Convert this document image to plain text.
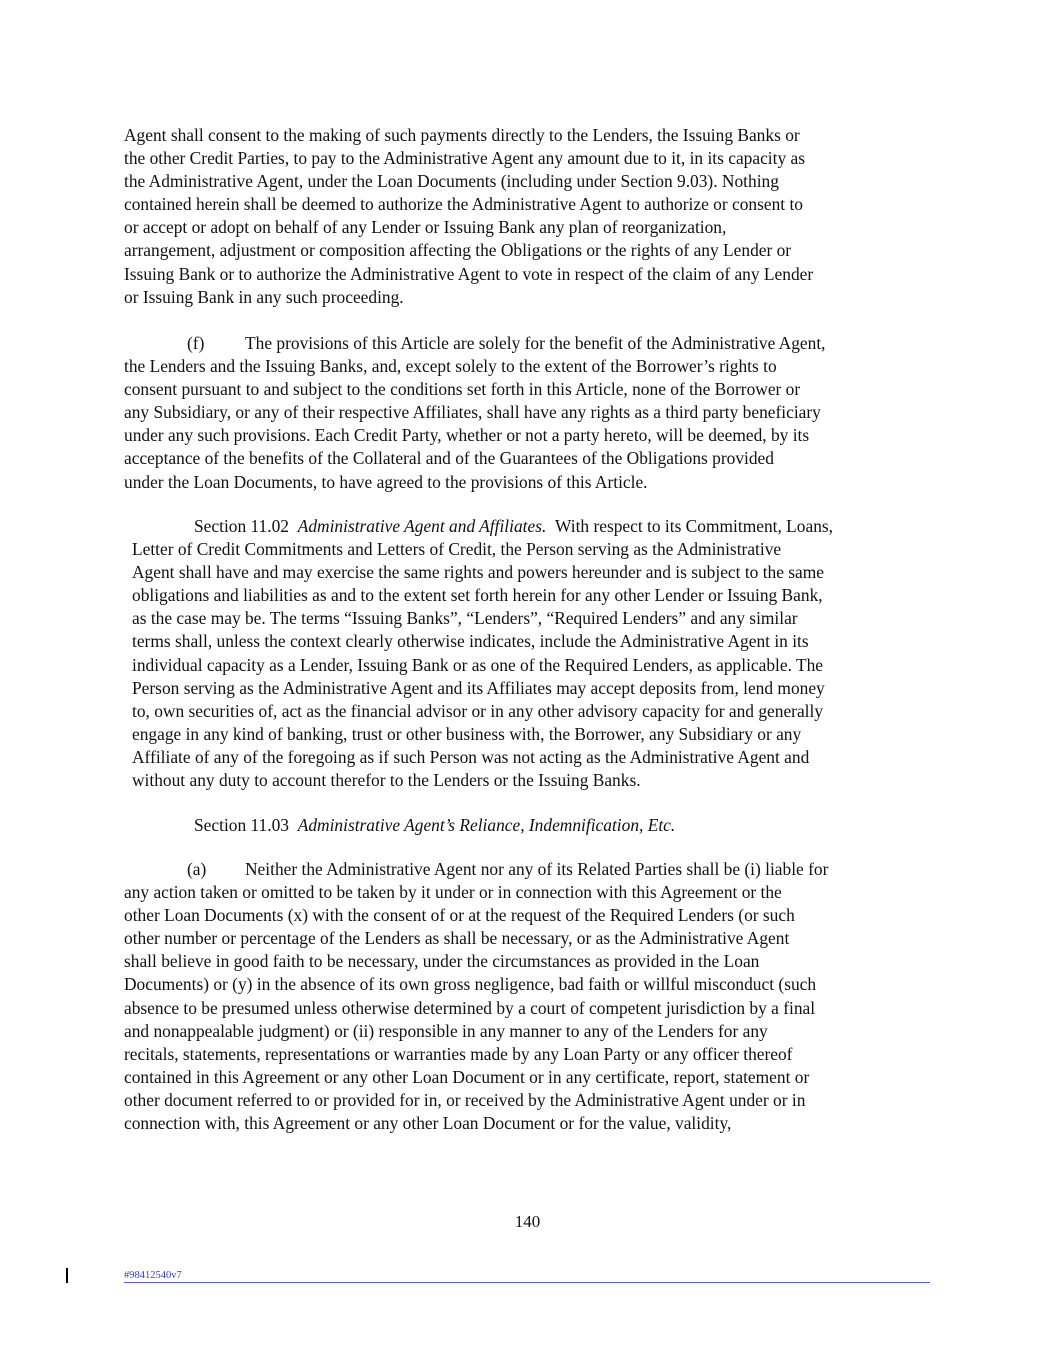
Agent shall consent to the making of such payments directly to the Lenders, the Issuing Banks or
the other Credit Parties, to pay to the Administrative Agent any amount due to it, in its capacity as
the Administrative Agent, under the Loan Documents (including under Section 9.03). Nothing
contained herein shall be deemed to authorize the Administrative Agent to authorize or consent to
or accept or adopt on behalf of any Lender or Issuing Bank any plan of reorganization,
arrangement, adjustment or composition affecting the Obligations or the rights of any Lender or
Issuing Bank or to authorize the Administrative Agent to vote in respect of the claim of any Lender
or Issuing Bank in any such proceeding.
(f) The provisions of this Article are solely for the benefit of the Administrative Agent,
the Lenders and the Issuing Banks, and, except solely to the extent of the Borrower’s rights to
consent pursuant to and subject to the conditions set forth in this Article, none of the Borrower or
any Subsidiary, or any of their respective Affiliates, shall have any rights as a third party beneficiary
under any such provisions. Each Credit Party, whether or not a party hereto, will be deemed, by its
acceptance of the benefits of the Collateral and of the Guarantees of the Obligations provided
under the Loan Documents, to have agreed to the provisions of this Article.
Section 11.02 Administrative Agent and Affiliates. With respect to its Commitment, Loans,
Letter of Credit Commitments and Letters of Credit, the Person serving as the Administrative
Agent shall have and may exercise the same rights and powers hereunder and is subject to the same
obligations and liabilities as and to the extent set forth herein for any other Lender or Issuing Bank,
as the case may be. The terms “Issuing Banks”, “Lenders”, “Required Lenders” and any similar
terms shall, unless the context clearly otherwise indicates, include the Administrative Agent in its
individual capacity as a Lender, Issuing Bank or as one of the Required Lenders, as applicable. The
Person serving as the Administrative Agent and its Affiliates may accept deposits from, lend money
to, own securities of, act as the financial advisor or in any other advisory capacity for and generally
engage in any kind of banking, trust or other business with, the Borrower, any Subsidiary or any
Affiliate of any of the foregoing as if such Person was not acting as the Administrative Agent and
without any duty to account therefor to the Lenders or the Issuing Banks.
Section 11.03 Administrative Agent’s Reliance, Indemnification, Etc.
(a) Neither the Administrative Agent nor any of its Related Parties shall be (i) liable for
any action taken or omitted to be taken by it under or in connection with this Agreement or the
other Loan Documents (x) with the consent of or at the request of the Required Lenders (or such
other number or percentage of the Lenders as shall be necessary, or as the Administrative Agent
shall believe in good faith to be necessary, under the circumstances as provided in the Loan
Documents) or (y) in the absence of its own gross negligence, bad faith or willful misconduct (such
absence to be presumed unless otherwise determined by a court of competent jurisdiction by a final
and nonappealable judgment) or (ii) responsible in any manner to any of the Lenders for any
recitals, statements, representations or warranties made by any Loan Party or any officer thereof
contained in this Agreement or any other Loan Document or in any certificate, report, statement or
other document referred to or provided for in, or received by the Administrative Agent under or in
connection with, this Agreement or any other Loan Document or for the value, validity,
140
#98412540v7
